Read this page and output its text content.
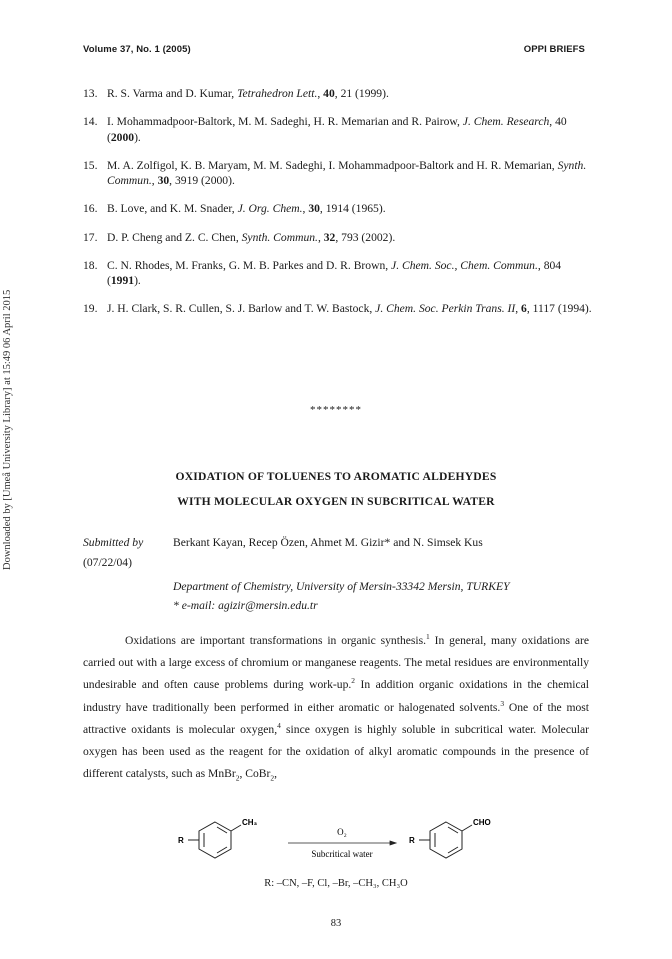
Volume 37, No. 1 (2005)	OPPI BRIEFS
Downloaded by [Umeå University Library] at 15:49 06 April 2015
13. R. S. Varma and D. Kumar, Tetrahedron Lett., 40, 21 (1999).
14. I. Mohammadpoor-Baltork, M. M. Sadeghi, H. R. Memarian and R. Pairow, J. Chem. Research, 40 (2000).
15. M. A. Zolfigol, K. B. Maryam, M. M. Sadeghi, I. Mohammadpoor-Baltork and H. R. Memarian, Synth. Commun., 30, 3919 (2000).
16. B. Love, and K. M. Snader, J. Org. Chem., 30, 1914 (1965).
17. D. P. Cheng and Z. C. Chen, Synth. Commun., 32, 793 (2002).
18. C. N. Rhodes, M. Franks, G. M. B. Parkes and D. R. Brown, J. Chem. Soc., Chem. Commun., 804 (1991).
19. J. H. Clark, S. R. Cullen, S. J. Barlow and T. W. Bastock, J. Chem. Soc. Perkin Trans. II, 6, 1117 (1994).
********
OXIDATION OF TOLUENES TO AROMATIC ALDEHYDES
WITH MOLECULAR OXYGEN IN SUBCRITICAL WATER
Submitted by
(07/22/04)
Berkant Kayan, Recep Özen, Ahmet M. Gizir* and N. Simsek Kus
Department of Chemistry, University of Mersin-33342 Mersin, TURKEY
* e-mail: agizir@mersin.edu.tr

Oxidations are important transformations in organic synthesis.$^1$ In general, many oxidations are carried out with a large excess of chromium or manganese reagents. The metal residues are environmentally undesirable and often cause problems during work-up.$^2$ In addition organic oxidations in the chemical industry have traditionally been performed in either aromatic or halogenated solvents.$^3$ One of the most attractive oxidants is molecular oxygen,$^4$ since oxygen is highly soluble in subcritical water. Molecular oxygen has been used as the reagent for the oxidation of alkyl aromatic compounds in the presence of different catalysts, such as MnBr$_2$, CoBr$_2$,

CH₃
R
O₂
Subcritical water
CHO
R
R: –CN, –F, Cl, –Br, –CH₃, CH₃O
83
